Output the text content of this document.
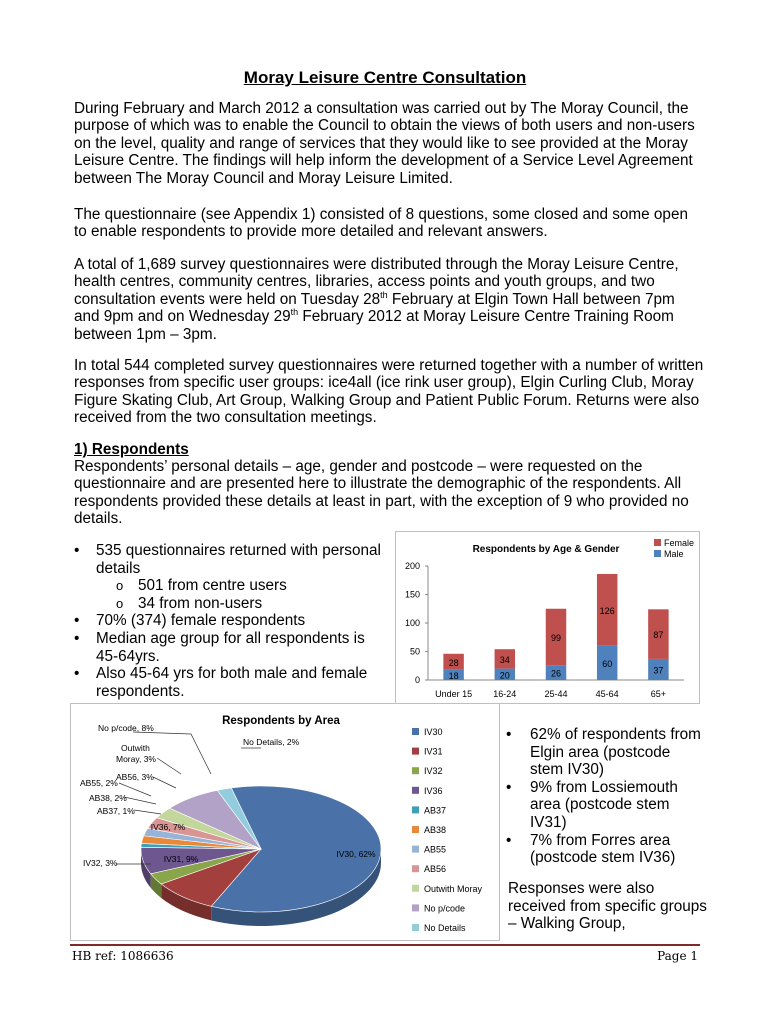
Moray Leisure Centre Consultation

During February and March 2012 a consultation was carried out by The Moray Council, the purpose of which was to enable the Council to obtain the views of both users and non-users on the level, quality and range of services that they would like to see provided at the Moray Leisure Centre. The findings will help inform the development of a Service Level Agreement between The Moray Council and Moray Leisure Limited.

The questionnaire (see Appendix 1) consisted of 8 questions, some closed and some open to enable respondents to provide more detailed and relevant answers.

A total of 1,689 survey questionnaires were distributed through the Moray Leisure Centre, health centres, community centres, libraries, access points and youth groups, and two consultation events were held on Tuesday 28th February at Elgin Town Hall between 7pm and 9pm and on Wednesday 29th February 2012 at Moray Leisure Centre Training Room between 1pm – 3pm.

In total 544 completed survey questionnaires were returned together with a number of written responses from specific user groups: ice4all (ice rink user group), Elgin Curling Club, Moray Figure Skating Club, Art Group, Walking Group and Patient Public Forum. Returns were also received from the two consultation meetings.

1) Respondents

Respondents’ personal details – age, gender and postcode – were requested on the questionnaire and are presented here to illustrate the demographic of the respondents. All respondents provided these details at least in part, with the exception of 9 who provided no details.

• 535 questionnaires returned with personal details
o 501 from centre users
o 34 from non-users
• 70% (374) female respondents
• Median age group for all respondents is 45-64yrs.
• Also 45-64 yrs for both male and female respondents.
Respondents by Age & Gender
0
50
100
150
200
18
28
Under 15
20
34
16-24
26
99
25-44
60
126
45-64
37
87
65+
Female
Male
Respondents by Area
IV30, 62%
IV31, 9%
IV32, 3%
IV36, 7%
AB37, 1%
AB38, 2%
AB55, 2%
AB56, 3%
Outwith Moray, 3%
No p/code, 8%
No Details, 2%
IV30
IV31
IV32
IV36
AB37
AB38
AB55
AB56
Outwith Moray
No p/code
No Details
• 62% of respondents from Elgin area (postcode stem IV30)
• 9% from Lossiemouth area (postcode stem IV31)
• 7% from Forres area (postcode stem IV36)
Responses were also received from specific groups – Walking Group,
HB ref: 1086636	Page 1
